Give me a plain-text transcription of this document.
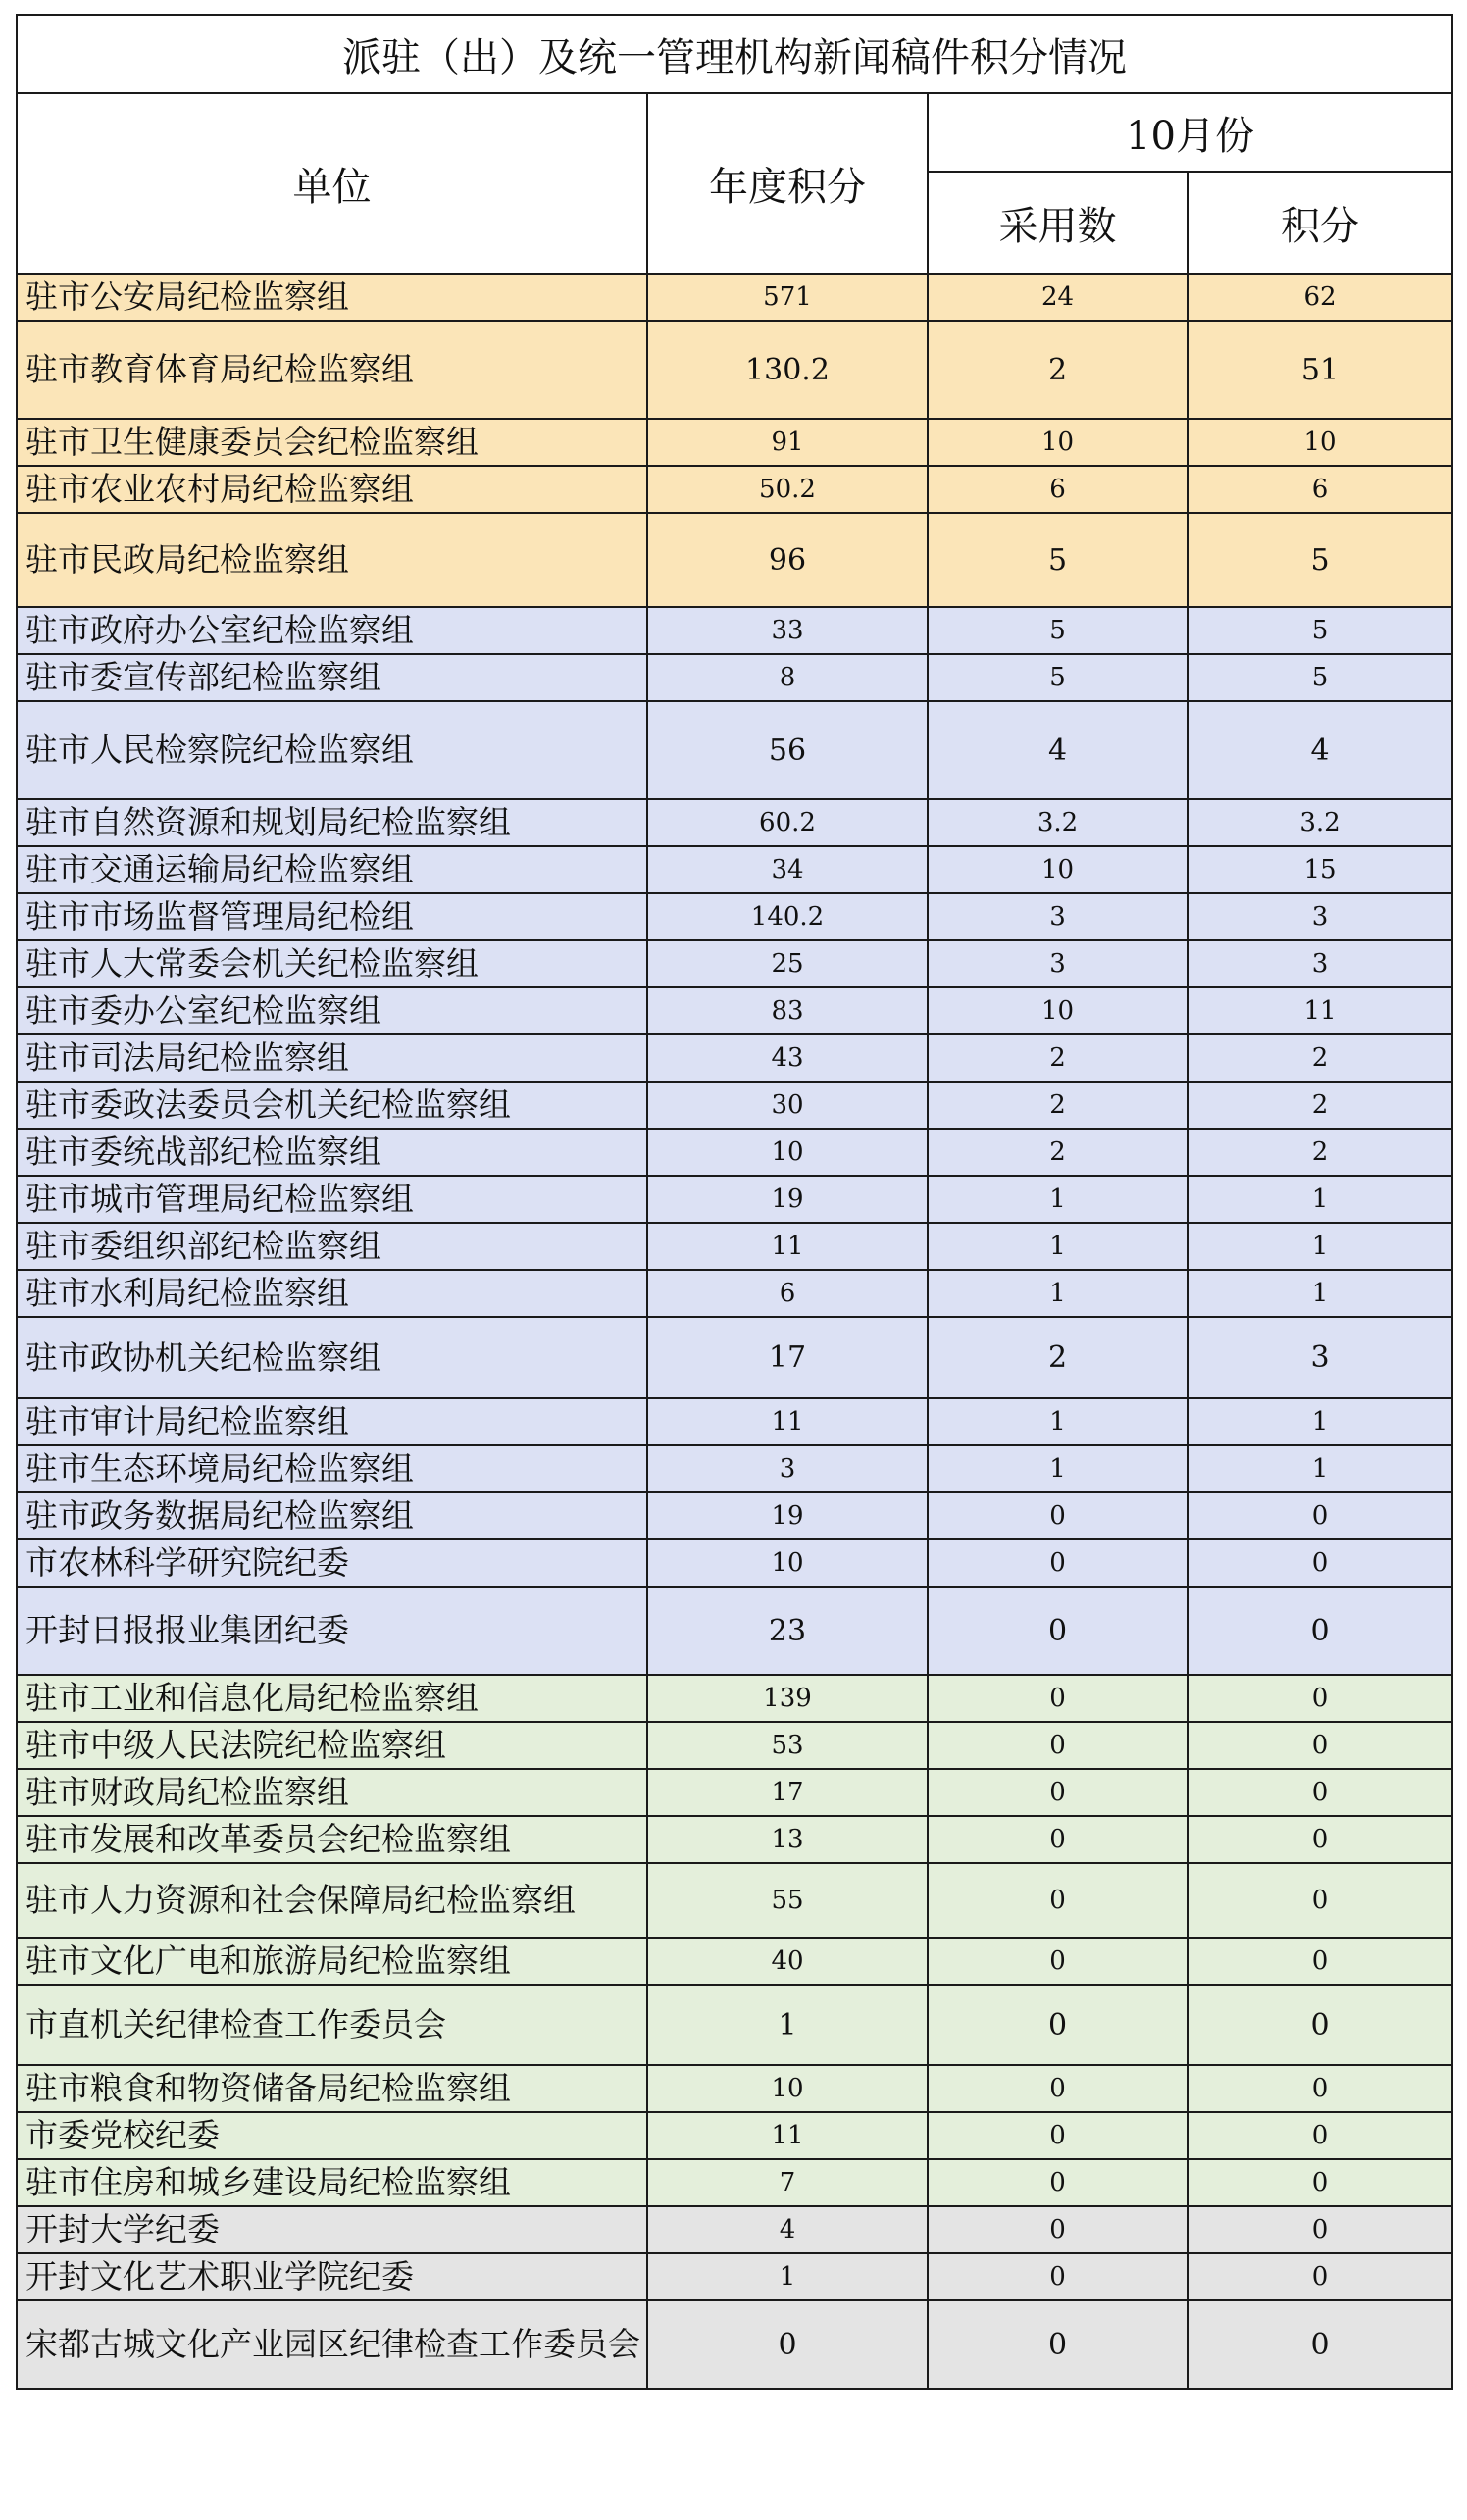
派驻（出）及统一管理机构新闻稿件积分情况			
单位	年度积分	10月份	
		采用数	积分
驻市公安局纪检监察组	571	24	62
驻市教育体育局纪检监察组	130.2	2	51
驻市卫生健康委员会纪检监察组	91	10	10
驻市农业农村局纪检监察组	50.2	6	6
驻市民政局纪检监察组	96	5	5
驻市政府办公室纪检监察组	33	5	5
驻市委宣传部纪检监察组	8	5	5
驻市人民检察院纪检监察组	56	4	4
驻市自然资源和规划局纪检监察组	60.2	3.2	3.2
驻市交通运输局纪检监察组	34	10	15
驻市市场监督管理局纪检组	140.2	3	3
驻市人大常委会机关纪检监察组	25	3	3
驻市委办公室纪检监察组	83	10	11
驻市司法局纪检监察组	43	2	2
驻市委政法委员会机关纪检监察组	30	2	2
驻市委统战部纪检监察组	10	2	2
驻市城市管理局纪检监察组	19	1	1
驻市委组织部纪检监察组	11	1	1
驻市水利局纪检监察组	6	1	1
驻市政协机关纪检监察组	17	2	3
驻市审计局纪检监察组	11	1	1
驻市生态环境局纪检监察组	3	1	1
驻市政务数据局纪检监察组	19	0	0
市农林科学研究院纪委	10	0	0
开封日报报业集团纪委	23	0	0
驻市工业和信息化局纪检监察组	139	0	0
驻市中级人民法院纪检监察组	53	0	0
驻市财政局纪检监察组	17	0	0
驻市发展和改革委员会纪检监察组	13	0	0
驻市人力资源和社会保障局纪检监察组	55	0	0
驻市文化广电和旅游局纪检监察组	40	0	0
市直机关纪律检查工作委员会	1	0	0
驻市粮食和物资储备局纪检监察组	10	0	0
市委党校纪委	11	0	0
驻市住房和城乡建设局纪检监察组	7	0	0
开封大学纪委	4	0	0
开封文化艺术职业学院纪委	1	0	0
宋都古城文化产业园区纪律检查工作委员会	0	0	0
